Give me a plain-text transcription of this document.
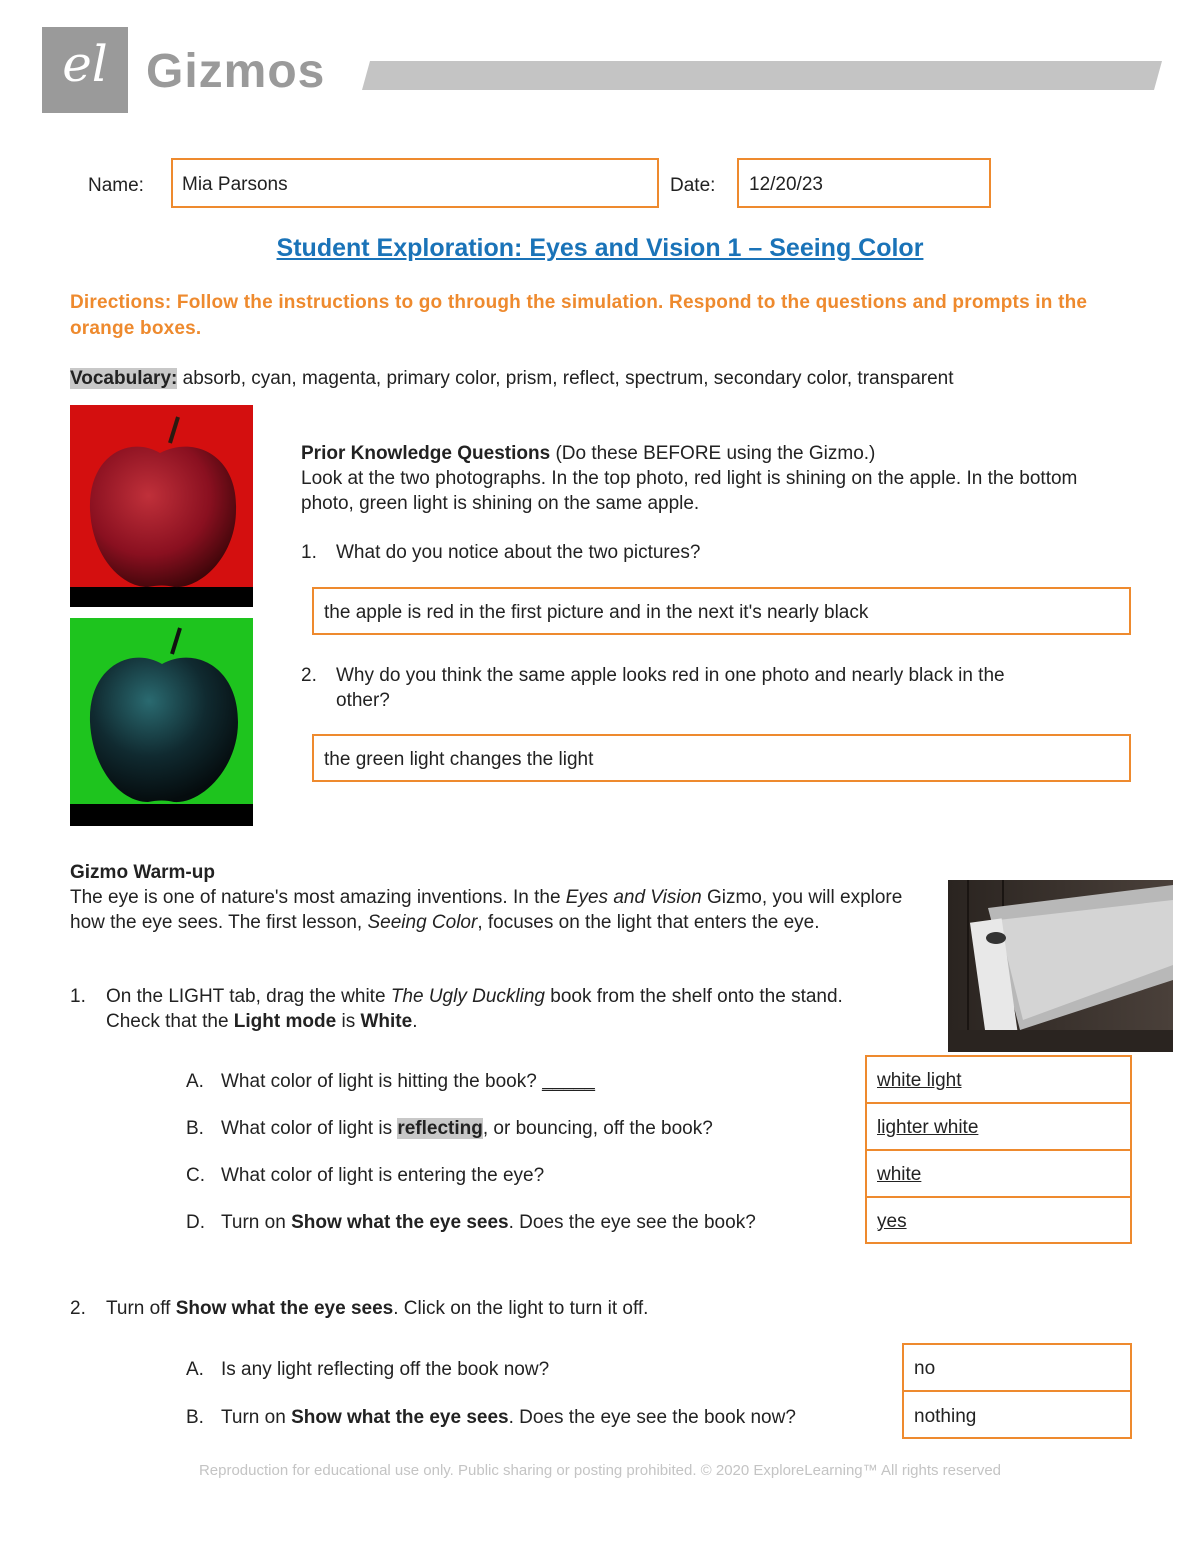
el Gizmos
Name: Mia Parsons	Date: 12/20/23
Student Exploration: Eyes and Vision 1 – Seeing Color
Directions: Follow the instructions to go through the simulation. Respond to the questions and prompts in the orange boxes.
Vocabulary: absorb, cyan, magenta, primary color, prism, reflect, spectrum, secondary color, transparent
Prior Knowledge Questions (Do these BEFORE using the Gizmo.)
Look at the two photographs. In the top photo, red light is shining on the apple. In the bottom photo, green light is shining on the same apple.
1. What do you notice about the two pictures?
the apple is red in the first picture and in the next it's nearly black
2. Why do you think the same apple looks red in one photo and nearly black in the
other?
the green light changes the light
Gizmo Warm-up
The eye is one of nature's most amazing inventions. In the Eyes and Vision Gizmo, you will explore how the eye sees. The first lesson, Seeing Color, focuses on the light that enters the eye.
1. On the LIGHT tab, drag the white The Ugly Duckling book from the shelf onto the stand. Check that the Light mode is White.
A. What color of light is hitting the book? _____
B. What color of light is reflecting, or bouncing, off the book?
C. What color of light is entering the eye?
D. Turn on Show what the eye sees. Does the eye see the book?
white light
lighter white
white
yes
2. Turn off Show what the eye sees. Click on the light to turn it off.
A. Is any light reflecting off the book now?
B. Turn on Show what the eye sees. Does the eye see the book now?
no
nothing
Reproduction for educational use only. Public sharing or posting prohibited. © 2020 ExploreLearning™ All rights reserved
